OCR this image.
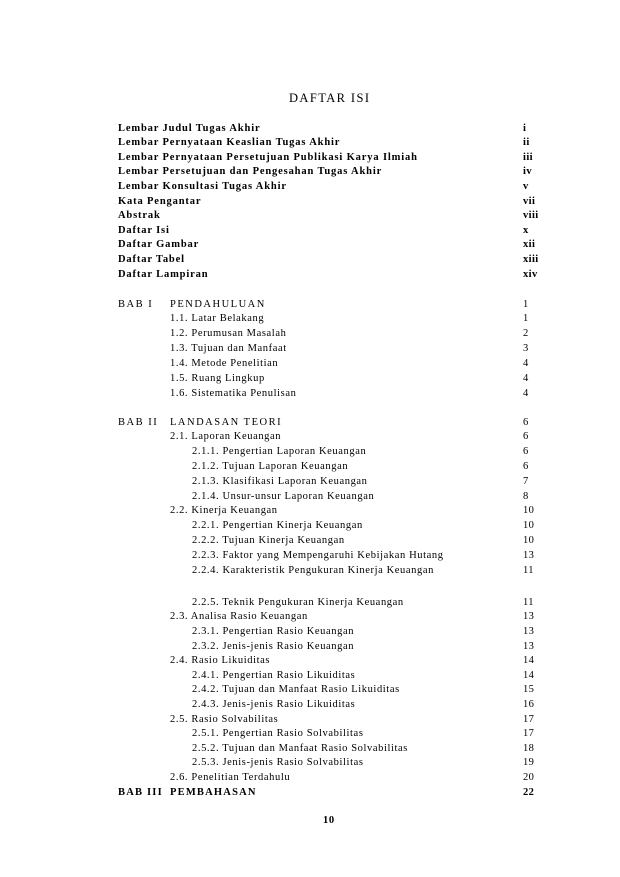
DAFTAR ISI
Lembar Judul Tugas Akhir	i
Lembar Pernyataan Keaslian Tugas Akhir	ii
Lembar Pernyataan Persetujuan Publikasi Karya Ilmiah	iii
Lembar Persetujuan dan Pengesahan Tugas Akhir	iv
Lembar Konsultasi Tugas Akhir	v
Kata Pengantar	vii
Abstrak	viii
Daftar Isi	x
Daftar Gambar	xii
Daftar Tabel	xiii
Daftar Lampiran	xiv
BAB I PENDAHULUAN	1
1.1. Latar Belakang	1
1.2. Perumusan Masalah	2
1.3. Tujuan dan Manfaat	3
1.4. Metode Penelitian	4
1.5. Ruang Lingkup	4
1.6. Sistematika Penulisan	4
BAB II LANDASAN TEORI	6
2.1. Laporan Keuangan	6
2.1.1. Pengertian Laporan Keuangan	6
2.1.2. Tujuan Laporan Keuangan	6
2.1.3. Klasifikasi Laporan Keuangan	7
2.1.4. Unsur-unsur Laporan Keuangan	8
2.2. Kinerja Keuangan	10
2.2.1. Pengertian Kinerja Keuangan	10
2.2.2. Tujuan Kinerja Keuangan	10
2.2.3. Faktor yang Mempengaruhi Kebijakan Hutang	13
2.2.4. Karakteristik Pengukuran Kinerja Keuangan	11
2.2.5. Teknik Pengukuran Kinerja Keuangan	11
2.3. Analisa Rasio Keuangan	13
2.3.1. Pengertian Rasio Keuangan	13
2.3.2. Jenis-jenis Rasio Keuangan	13
2.4. Rasio Likuiditas	14
2.4.1. Pengertian Rasio Likuiditas	14
2.4.2. Tujuan dan Manfaat Rasio Likuiditas	15
2.4.3. Jenis-jenis Rasio Likuiditas	16
2.5. Rasio Solvabilitas	17
2.5.1. Pengertian Rasio Solvabilitas	17
2.5.2. Tujuan dan Manfaat Rasio Solvabilitas	18
2.5.3. Jenis-jenis Rasio Solvabilitas	19
2.6. Penelitian Terdahulu	20
BAB III PEMBAHASAN	22
10
